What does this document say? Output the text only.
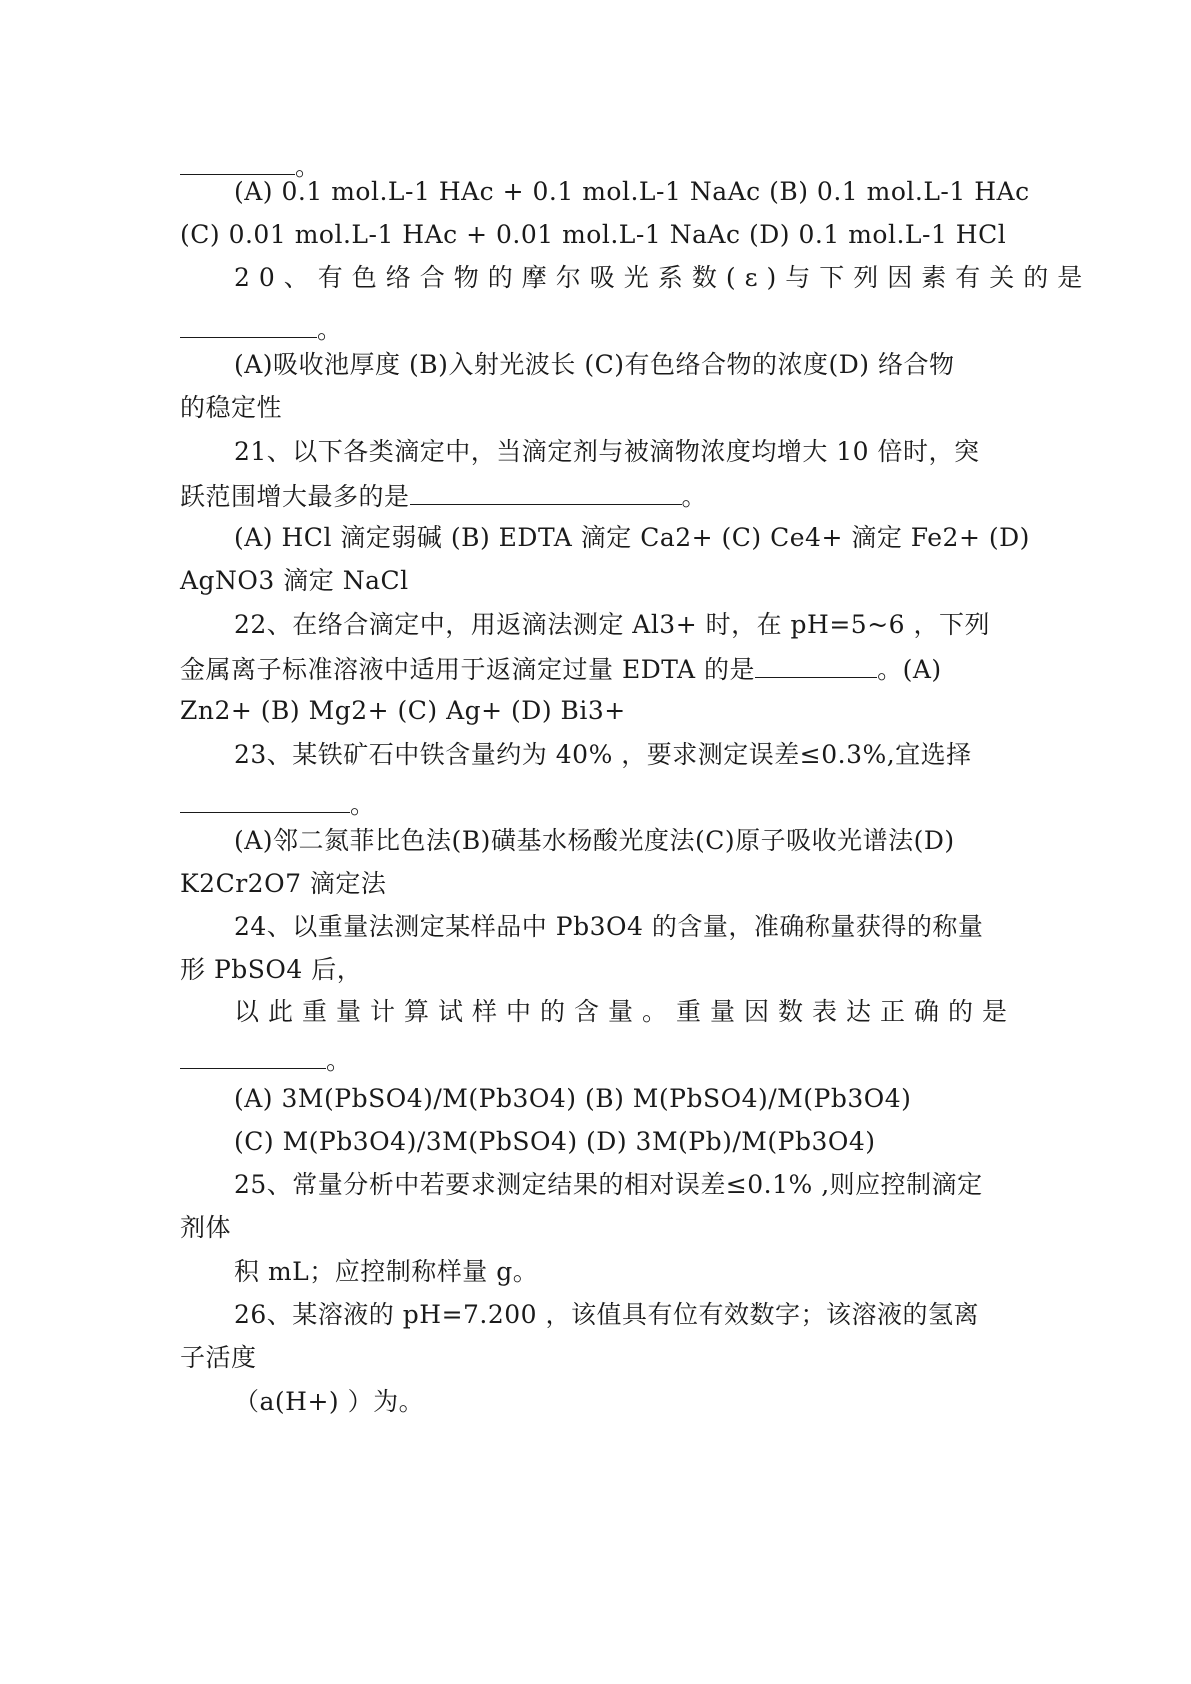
。
(A) 0.1 mol.L-1 HAc + 0.1 mol.L-1 NaAc (B) 0.1 mol.L-1 HAc
(C) 0.01 mol.L-1 HAc + 0.01 mol.L-1 NaAc (D) 0.1 mol.L-1 HCl
20、有色络合物的摩尔吸光系数(ε)与下列因素有关的是
。
(A)吸收池厚度 (B)入射光波长 (C)有色络合物的浓度(D) 络合物
的稳定性
21、以下各类滴定中，当滴定剂与被滴物浓度均增大 10 倍时，突
跃范围增大最多的是	。
(A) HCl 滴定弱碱 (B) EDTA 滴定 Ca2+ (C) Ce4+ 滴定 Fe2+ (D)
AgNO3 滴定 NaCl
22、在络合滴定中，用返滴法测定 Al3+ 时，在 pH=5~6 ，下列
金属离子标准溶液中适用于返滴定过量 EDTA 的是	。(A)
Zn2+ (B) Mg2+ (C) Ag+ (D) Bi3+
23、某铁矿石中铁含量约为 40% ，要求测定误差≤0.3%,宜选择
。
(A)邻二氮菲比色法(B)磺基水杨酸光度法(C)原子吸收光谱法(D)
K2Cr2O7 滴定法
24、以重量法测定某样品中 Pb3O4 的含量，准确称量获得的称量
形 PbSO4 后，
以此重量计算试样中的含量。重量因数表达正确的是
。
(A) 3M(PbSO4)/M(Pb3O4) (B) M(PbSO4)/M(Pb3O4)
(C) M(Pb3O4)/3M(PbSO4) (D) 3M(Pb)/M(Pb3O4)
25、常量分析中若要求测定结果的相对误差≤0.1% ,则应控制滴定
剂体
积 mL；应控制称样量 g。
26、某溶液的 pH=7.200 ，该值具有位有效数字；该溶液的氢离
子活度
（a(H+) ）为。
